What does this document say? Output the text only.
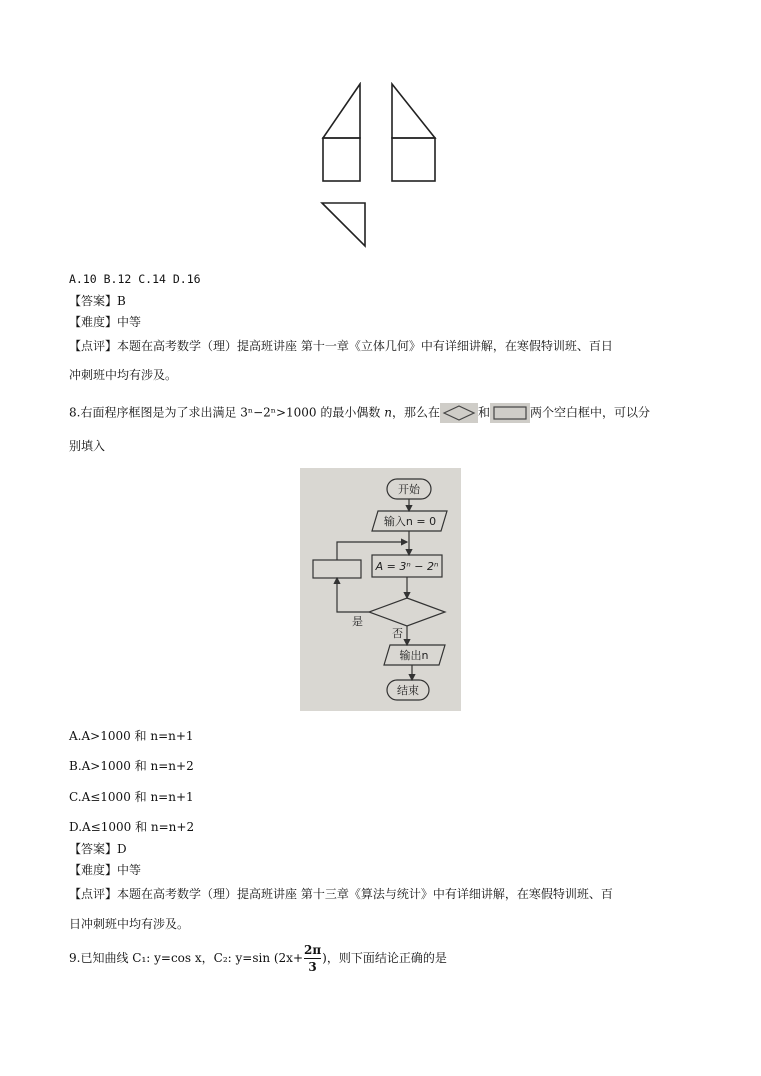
A.10 B.12 C.14 D.16
【答案】B
【难度】中等
【点评】本题在高考数学（理）提高班讲座 第十一章《立体几何》中有详细讲解，在寒假特训班、百日
冲刺班中均有涉及。
8.右面程序框图是为了求出满足 3ⁿ−2ⁿ>1000 的最小偶数 n，那么在	和	两个空白框中，可以分
别填入
开始
输入n = 0
A = 3ⁿ − 2ⁿ
是
否
输出n
结束
A.A>1000 和 n=n+1
B.A>1000 和 n=n+2
C.A≤1000 和 n=n+1
D.A≤1000 和 n=n+2
【答案】D
【难度】中等
【点评】本题在高考数学（理）提高班讲座 第十三章《算法与统计》中有详细讲解，在寒假特训班、百
日冲刺班中均有涉及。
9.已知曲线 C₁: y=cos x，C₂: y=sin ($2x+ \frac{2\pi}{3}$ )，则下面结论正确的是
